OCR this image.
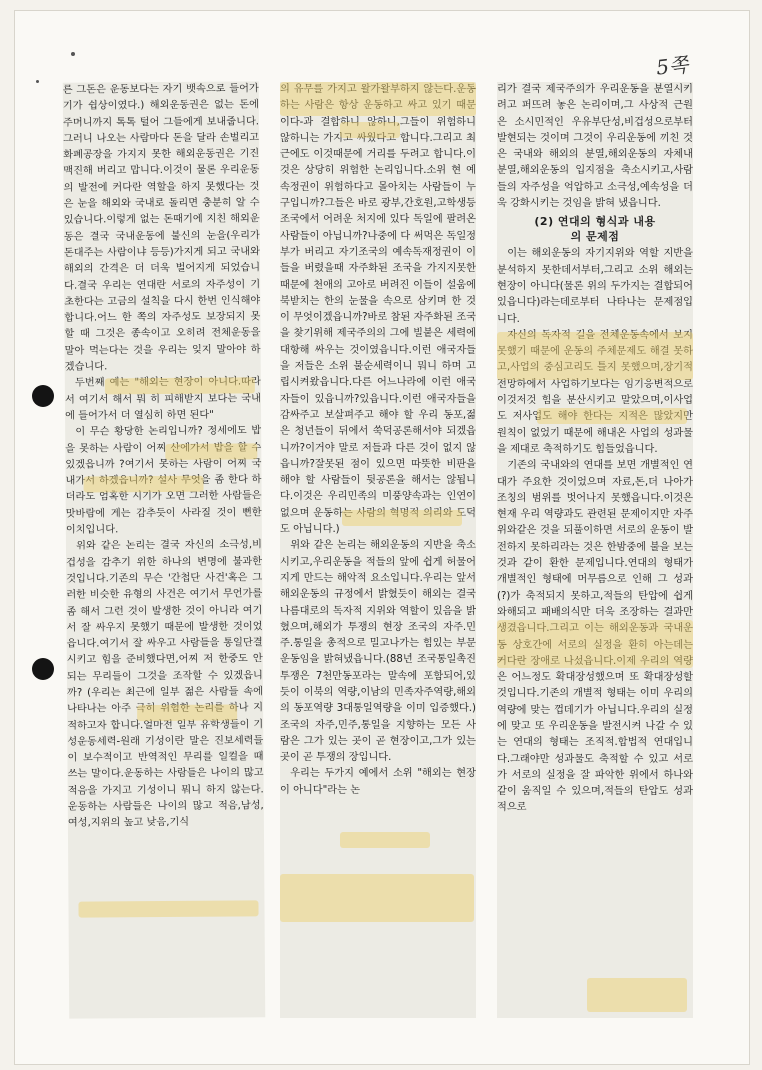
5쪽

른 그돈은 운동보다는 자기 뱃속으로 들어가기가 쉽상이였다.) 해외운동권은 없는 돈에 주머니까지 톡톡 털어 그들에게 보내줍니다.그러니 나오는 사람마다 돈을 달라 손벌리고 화폐공장을 가지지 못한 해외운동권은 기진맥진해 버리고 맙니다.이것이 물론 우리운동의 발전에 커다란 역할을 하지 못했다는 것은 눈을 해외와 국내로 돌리면 충분히 알 수 있습니다.이렇게 없는 돈때기에 지친 해외운동은 결국 국내운동에 불신의 눈을(우리가 돈대주는 사람이냐 등등)가지게 되고 국내와 해외의 간격은 더 더욱 벌어지게 되었습니다.결국 우리는 연대란 서로의 자주성이 기초한다는 고금의 설칙을 다시 한번 인식해야 합니다.어느 한 쪽의 자주성도 보장되지 못할 때 그것은 종속이고 오히려 전체운동을 말아 먹는다는 것을 우리는 잊지 말아야 하겠습니다.

두번째 예는 "해외는 현장이 아니다.따라서 여기서 해서 뭐 히 피해받지 보다는 국내에 들어가서 더 열심히 하면 된다"

이 무슨 황당한 논리입니까? 정세에도 밥을 못하는 사람이 어찌 산에가서 밥을 할 수 있겠읍니까 ?여기서 못하는 사람이 어찌 국내가서 하겠읍니까? 설사 무엇을 좀 한다 하더라도 엄혹한 시기가 오면 그러한 사람들은 맛바람에 게는 감추듯이 사라질 것이 뻔한 이치입니다.

위와 같은 논리는 결국 자신의 소극성,비겁성을 감추기 위한 하나의 변명에 불과한 것입니다.기존의 무슨 '간첩단 사건'혹은 그러한 비슷한 유형의 사건은 여기서 무언가를 좀 해서 그런 것이 발생한 것이 아니라 여기서 잘 싸우지 못했기 때문에 발생한 것이었읍니다.여기서 잘 싸우고 사람들을 통일단결시키고 힘을 준비했다면,어찌 저 한중도 안되는 무리들이 그것을 조작할 수 있겠읍니까? (우리는 최근에 일부 젊은 사람들 속에 나타나는 아주 극히 위험한 논리를 하나 지적하고자 합니다.얼마전 일부 유학생들이 기성운동세력-원래 기성이란 말은 진보세력들이 보수적이고 반역적인 무리를 일컬을 때 쓰는 말이다.운동하는 사람들은 나이의 많고 적음을 가지고 기성이니 뭐니 하지 않는다.운동하는 사람들은 나이의 많고 적음,남성,여성,지위의 높고 낮음,기식

의 유무를 가지고 왈가왈부하지 않는다.운동하는 사람은 항상 운동하고 싸고 있기 때문이다-과 결합하니 않하니,그들이 위험하니 않하니는 가지고 싸웠다고 합니다.그리고 최근에도 이것때문에 거리를 두려고 합니다.이것은 상당히 위험한 논리입니다.소위 현 예속정권이 위험하다고 몰아치는 사람들이 누구입니까?그들은 바로 광부,간호원,고학생등 조국에서 어려운 처지에 있다 독일에 팔려온 사람들이 아닙니까?나중에 다 써먹은 독일정부가 버리고 자기조국의 예속독재정권이 이들을 버렸을때 자주화된 조국을 가지지못한 때문에 천애의 고아로 버려진 이들이 설움에 북받치는 한의 눈물을 속으로 삼키며 한 것이 무엇이겠읍니까?바로 참된 자주화된 조국을 찾기위해 제국주의의 그에 빌붙은 세력에 대항해 싸우는 것이였읍니다.이런 애국자들을 저들은 소위 불순세력이니 뭐니 하며 고립시켜왔읍니다.다른 어느나라에 이런 애국자들이 있읍니까?있읍니다.이런 애국자들을 감싸주고 보살펴주고 해야 할 우리 동포,젊은 청년들이 뒤에서 쑥덕공론해서야 되겠읍니까?이거야 말로 저들과 다른 것이 없지 않읍니까?잘못된 점이 있으면 따뜻한 비판을 해야 할 사람들이 뒷공론을 해서는 않됩니다.이것은 우리민족의 미풍양속과는 인연이 없으며 운동하는 사람의 혁명적 의리와 도덕도 아닙니다.)

위와 같은 논리는 해외운동의 지반을 축소시키고,우리운동을 적들의 앞에 쉽게 허물어지게 만드는 해악적 요소입니다.우리는 앞서 해외운동의 규정에서 밝혔듯이 해외는 결국 나름대로의 독자적 지위와 역할이 있음을 밝혔으며,해외가 투쟁의 현장 조국의 자주.민주.통일을 총적으로 밀고나가는 힘있는 부문운동임을 밝혀냈읍니다.(88년 조국통일촉진투쟁은 7천만동포라는 말속에 포함되어,있듯이 이북의 역량,이남의 민족자주역량,해외의 동포역량 3대통일역량을 이미 입증했다.)조국의 자주,민주,통일을 지향하는 모든 사람은 그가 있는 곳이 곧 현장이고,그가 있는 곳이 곧 투쟁의 장입니다.

우리는 두가지 예에서 소위 "해외는 현장이 아니다"라는 논

리가 결국 제국주의가 우리운동을 분열시키려고 퍼뜨려 놓은 논리이며,그 사상적 근원은 소시민적인 우유부단성,비겁성으로부터 발현되는 것이며 그것이 우리운동에 끼친 것은 국내와 해외의 분열,해외운동의 자체내 분열,해외운동의 입지점을 축소시키고,사람들의 자주성을 억압하고 소극성,예속성을 더욱 강화시키는 것임을 밝혀 냈읍니다.

(2) 연대의 형식과 내용
의 문제점

이는 해외운동의 자기지위와 역할 지반을 분석하지 못한데서부터,그리고 소위 해외는 현장이 아니다(물론 위의 두가지는 결합되어 있읍니다)라는데로부터 나타나는 문제점입니다.

자신의 독자적 길을 전체운동속에서 보지 못했기 때문에 운동의 주체문제도 해결 못하고,사업의 중심고리도 틀지 못했으며,장기적 전망하에서 사업하기보다는 임기응변적으로 이것저것 힘을 분산시키고 말았으며,이사업도 저사업도 해야 한다는 지적은 많았지만 원칙이 없었기 때문에 해내온 사업의 성과물을 제대로 축적하기도 힘들었읍니다.

기존의 국내와의 연대를 보면 개별적인 연대가 주요한 것이었으며 자료,돈,더 나아가 조칭의 범위를 벗어나지 못했읍니다.이것은 현재 우리 역량과도 관련된 문제이지만 자주 위와같은 것을 되풀이하면 서로의 운동이 발전하지 못하리라는 것은 한밤중에 불을 보는 것과 같이 환한 문제입니다.연대의 형태가 개별적인 형태에 머무름으로 인해 그 성과(?)가 축적되지 못하고,적들의 탄압에 쉽게 와해되고 패배의식만 더욱 조장하는 결과만 생겼읍니다.그리고 이는 해외운동과 국내운동 상호간에 서로의 실정을 환히 아는데는 커다란 장애로 나섰읍니다.이제 우리의 역량은 어느정도 확대장성했으며 또 확대장성할 것입니다.기존의 개별적 형태는 이미 우리의 역량에 맞는 껍데기가 아닙니다.우리의 실정에 맞고 또 우리운동을 발전시켜 나갈 수 있는 연대의 형태는 조직적.합법적 연대입니다.그래야만 성과물도 축적할 수 있고 서로가 서로의 실정을 잘 파악한 위에서 하나와 같이 움직일 수 있으며,적들의 탄압도 성과적으로
